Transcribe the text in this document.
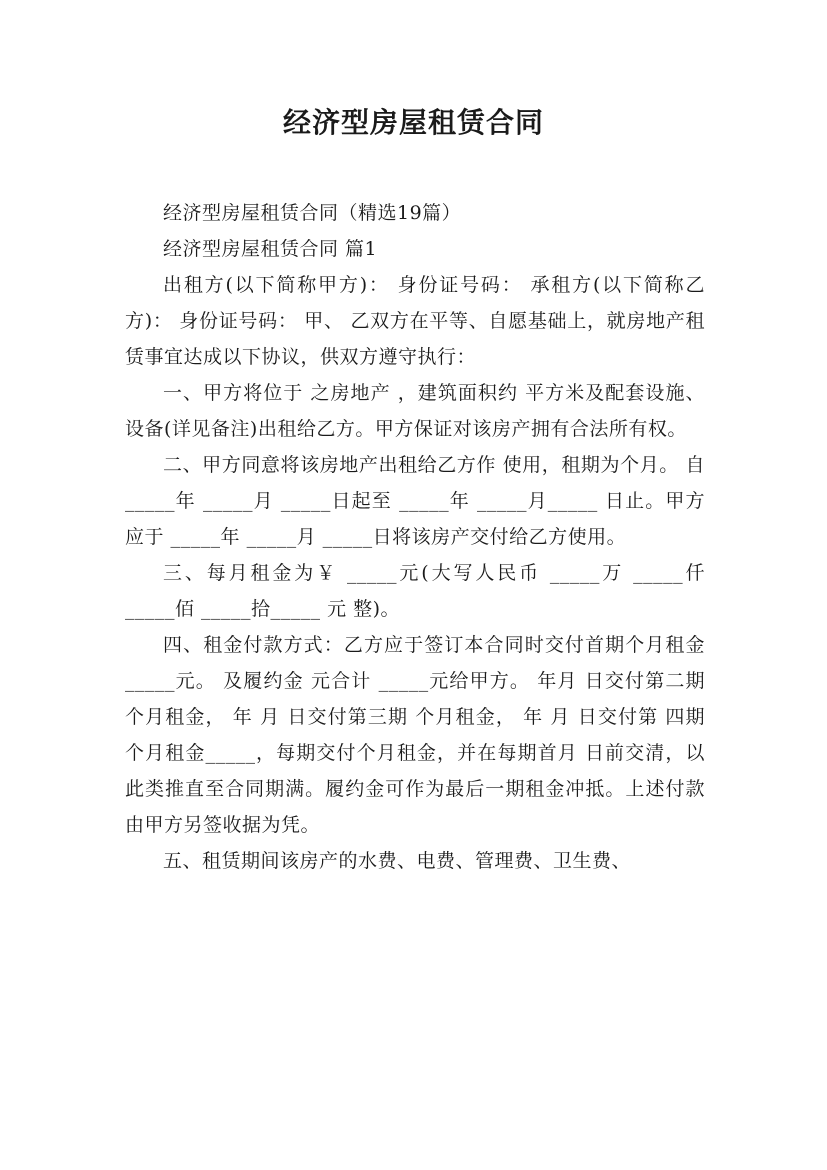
经济型房屋租赁合同

经济型房屋租赁合同（精选19篇）

经济型房屋租赁合同 篇1

出租方(以下简称甲方)： 身份证号码： 承租方(以下简称乙方)： 身份证号码： 甲、 乙双方在平等、自愿基础上，就房地产租赁事宜达成以下协议，供双方遵守执行：

一、甲方将位于 之房地产 ，建筑面积约 平方米及配套设施、设备(详见备注)出租给乙方。甲方保证对该房产拥有合法所有权。

二、甲方同意将该房地产出租给乙方作 使用，租期为个月。 自 _____年 _____月 _____日起至 _____年 _____月_____ 日止。甲方应于 _____年 _____月 _____日将该房产交付给乙方使用。

三、每月租金为￥ _____元(大写人民币 _____万 _____仟 _____佰 _____拾_____ 元 整)。

四、租金付款方式：乙方应于签订本合同时交付首期个月租金_____元。 及履约金 元合计 _____元给甲方。 年月 日交付第二期 个月租金， 年 月 日交付第三期 个月租金， 年 月 日交付第 四期 个月租金_____，每期交付个月租金，并在每期首月 日前交清，以此类推直至合同期满。履约金可作为最后一期租金冲抵。上述付款由甲方另签收据为凭。

五、租赁期间该房产的水费、电费、管理费、卫生费、
